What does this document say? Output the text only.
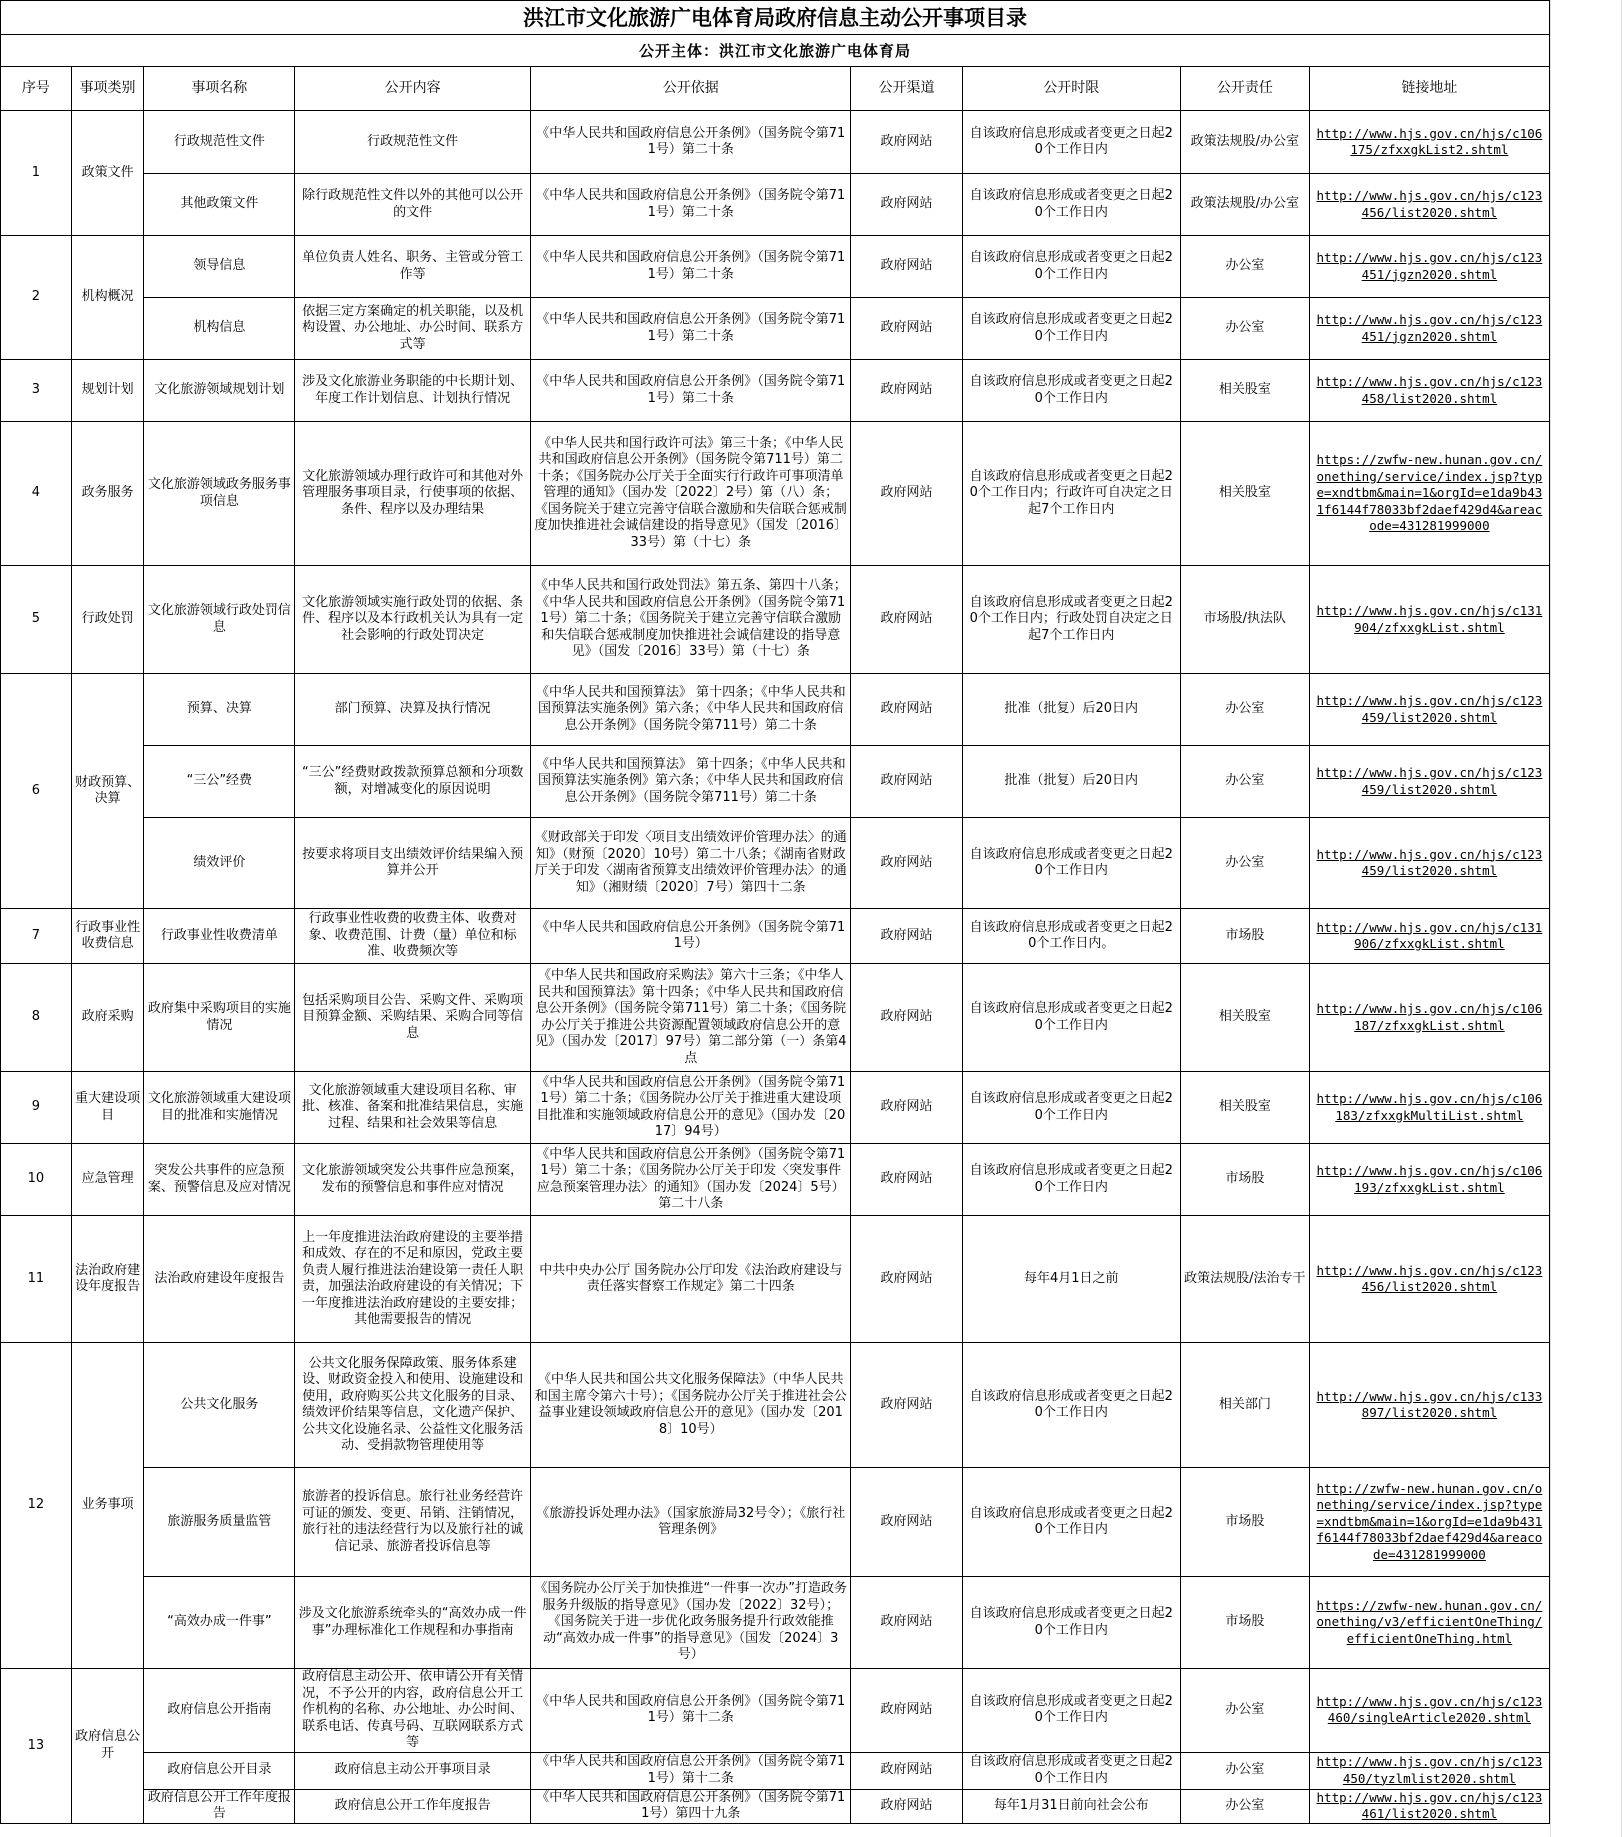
洪江市文化旅游广电体育局政府信息主动公开事项目录
公开主体：洪江市文化旅游广电体育局
序号	事项类别	事项名称	公开内容	公开依据	公开渠道	公开时限	公开责任	链接地址
1	政策文件	行政规范性文件	行政规范性文件	《中华人民共和国政府信息公开条例》（国务院令第711号）第二十条	政府网站	自该政府信息形成或者变更之日起20个工作日内	政策法规股/办公室	http://www.hjs.gov.cn/hjs/c106175/zfxxgkList2.shtml
		其他政策文件	除行政规范性文件以外的其他可以公开的文件	《中华人民共和国政府信息公开条例》（国务院令第711号）第二十条	政府网站	自该政府信息形成或者变更之日起20个工作日内	政策法规股/办公室	http://www.hjs.gov.cn/hjs/c123456/list2020.shtml
2	机构概况	领导信息	单位负责人姓名、职务、主管或分管工作等	《中华人民共和国政府信息公开条例》（国务院令第711号）第二十条	政府网站	自该政府信息形成或者变更之日起20个工作日内	办公室	http://www.hjs.gov.cn/hjs/c123451/jgzn2020.shtml
		机构信息	依据三定方案确定的机关职能，以及机构设置、办公地址、办公时间、联系方式等	《中华人民共和国政府信息公开条例》（国务院令第711号）第二十条	政府网站	自该政府信息形成或者变更之日起20个工作日内	办公室	http://www.hjs.gov.cn/hjs/c123451/jgzn2020.shtml
3	规划计划	文化旅游领域规划计划	涉及文化旅游业务职能的中长期计划、年度工作计划信息、计划执行情况	《中华人民共和国政府信息公开条例》（国务院令第711号）第二十条	政府网站	自该政府信息形成或者变更之日起20个工作日内	相关股室	http://www.hjs.gov.cn/hjs/c123458/list2020.shtml
4	政务服务	文化旅游领域政务服务事项信息	文化旅游领域办理行政许可和其他对外管理服务事项目录，行使事项的依据、条件、程序以及办理结果	《中华人民共和国行政许可法》第三十条；《中华人民共和国政府信息公开条例》（国务院令第711号）第二十条；《国务院办公厅关于全面实行行政许可事项清单管理的通知》（国办发〔2022〕2号）第（八）条；《国务院关于建立完善守信联合激励和失信联合惩戒制度加快推进社会诚信建设的指导意见》（国发〔2016〕33号）第（十七）条	政府网站	自该政府信息形成或者变更之日起20个工作日内；行政许可自决定之日起7个工作日内	相关股室	https://zwfw-new.hunan.gov.cn/onething/service/index.jsp?type=xndtbm&main=1&orgId=e1da9b431f6144f78033bf2daef429d4&areacode=431281999000
5	行政处罚	文化旅游领域行政处罚信息	文化旅游领域实施行政处罚的依据、条件、程序以及本行政机关认为具有一定社会影响的行政处罚决定	《中华人民共和国行政处罚法》第五条、第四十八条；《中华人民共和国政府信息公开条例》（国务院令第711号）第二十条；《国务院关于建立完善守信联合激励和失信联合惩戒制度加快推进社会诚信建设的指导意见》（国发〔2016〕33号）第（十七）条	政府网站	自该政府信息形成或者变更之日起20个工作日内；行政处罚自决定之日起7个工作日内	市场股/执法队	http://www.hjs.gov.cn/hjs/c131904/zfxxgkList.shtml
6	财政预算、决算	预算、决算	部门预算、决算及执行情况	《中华人民共和国预算法》 第十四条；《中华人民共和国预算法实施条例》第六条；《中华人民共和国政府信息公开条例》（国务院令第711号）第二十条	政府网站	批准（批复）后20日内	办公室	http://www.hjs.gov.cn/hjs/c123459/list2020.shtml
		“三公”经费	“三公”经费财政拨款预算总额和分项数额，对增减变化的原因说明	《中华人民共和国预算法》 第十四条；《中华人民共和国预算法实施条例》第六条；《中华人民共和国政府信息公开条例》（国务院令第711号）第二十条	政府网站	批准（批复）后20日内	办公室	http://www.hjs.gov.cn/hjs/c123459/list2020.shtml
		绩效评价	按要求将项目支出绩效评价结果编入预算并公开	《财政部关于印发〈项目支出绩效评价管理办法〉的通知》（财预〔2020〕10号）第二十八条；《湖南省财政厅关于印发〈湖南省预算支出绩效评价管理办法〉的通知》（湘财绩〔2020〕7号）第四十二条	政府网站	自该政府信息形成或者变更之日起20个工作日内	办公室	http://www.hjs.gov.cn/hjs/c123459/list2020.shtml
7	行政事业性收费信息	行政事业性收费清单	行政事业性收费的收费主体、收费对象、收费范围、计费（量）单位和标准、收费频次等	《中华人民共和国政府信息公开条例》（国务院令第711号）	政府网站	自该政府信息形成或者变更之日起20个工作日内。	市场股	http://www.hjs.gov.cn/hjs/c131906/zfxxgkList.shtml
8	政府采购	政府集中采购项目的实施情况	包括采购项目公告、采购文件、采购项目预算金额、采购结果、采购合同等信息	《中华人民共和国政府采购法》第六十三条；《中华人民共和国预算法》第十四条；《中华人民共和国政府信息公开条例》（国务院令第711号）第二十条；《国务院办公厅关于推进公共资源配置领域政府信息公开的意见》（国办发〔2017〕97号）第二部分第（一）条第4点	政府网站	自该政府信息形成或者变更之日起20个工作日内	相关股室	http://www.hjs.gov.cn/hjs/c106187/zfxxgkList.shtml
9	重大建设项目	文化旅游领域重大建设项目的批准和实施情况	文化旅游领域重大建设项目名称、审批、核准、备案和批准结果信息，实施过程、结果和社会效果等信息	《中华人民共和国政府信息公开条例》（国务院令第711号）第二十条；《国务院办公厅关于推进重大建设项目批准和实施领域政府信息公开的意见》（国办发〔2017〕94号）	政府网站	自该政府信息形成或者变更之日起20个工作日内	相关股室	http://www.hjs.gov.cn/hjs/c106183/zfxxgkMultiList.shtml
10	应急管理	突发公共事件的应急预案、预警信息及应对情况	文化旅游领域突发公共事件应急预案，发布的预警信息和事件应对情况	《中华人民共和国政府信息公开条例》（国务院令第711号）第二十条；《国务院办公厅关于印发〈突发事件应急预案管理办法〉的通知》（国办发〔2024〕5号）第二十八条	政府网站	自该政府信息形成或者变更之日起20个工作日内	市场股	http://www.hjs.gov.cn/hjs/c106193/zfxxgkList.shtml
11	法治政府建设年度报告	法治政府建设年度报告	上一年度推进法治政府建设的主要举措和成效、存在的不足和原因，党政主要负责人履行推进法治建设第一责任人职责，加强法治政府建设的有关情况；下一年度推进法治政府建设的主要安排；其他需要报告的情况	中共中央办公厅 国务院办公厅印发《法治政府建设与责任落实督察工作规定》第二十四条	政府网站	每年4月1日之前	政策法规股/法治专干	http://www.hjs.gov.cn/hjs/c123456/list2020.shtml
12	业务事项	公共文化服务	公共文化服务保障政策、服务体系建设、财政资金投入和使用、设施建设和使用，政府购买公共文化服务的目录、绩效评价结果等信息，文化遗产保护、公共文化设施名录、公益性文化服务活动、受捐款物管理使用等	《中华人民共和国公共文化服务保障法》（中华人民共和国主席令第六十号）；《国务院办公厅关于推进社会公益事业建设领域政府信息公开的意见》（国办发〔2018〕10号）	政府网站	自该政府信息形成或者变更之日起20个工作日内	相关部门	http://www.hjs.gov.cn/hjs/c133897/list2020.shtml
		旅游服务质量监管	旅游者的投诉信息。旅行社业务经营许可证的颁发、变更、吊销、注销情况，旅行社的违法经营行为以及旅行社的诚信记录、旅游者投诉信息等	《旅游投诉处理办法》（国家旅游局32号令）；《旅行社管理条例》	政府网站	自该政府信息形成或者变更之日起20个工作日内	市场股	http://zwfw-new.hunan.gov.cn/onething/service/index.jsp?type=xndtbm&main=1&orgId=e1da9b431f6144f78033bf2daef429d4&areacode=431281999000
		“高效办成一件事”	涉及文化旅游系统牵头的“高效办成一件事”办理标准化工作规程和办事指南	《国务院办公厅关于加快推进“一件事一次办”打造政务服务升级版的指导意见》（国办发〔2022〕32号）；《国务院关于进一步优化政务服务提升行政效能推动“高效办成一件事”的指导意见》（国发〔2024〕3号）	政府网站	自该政府信息形成或者变更之日起20个工作日内	市场股	https://zwfw-new.hunan.gov.cn/onething/v3/efficientOneThing/efficientOneThing.html
13	政府信息公开	政府信息公开指南	政府信息主动公开、依申请公开有关情况，不予公开的内容，政府信息公开工作机构的名称、办公地址、办公时间、联系电话、传真号码、互联网联系方式等	《中华人民共和国政府信息公开条例》（国务院令第711号）第十二条	政府网站	自该政府信息形成或者变更之日起20个工作日内	办公室	http://www.hjs.gov.cn/hjs/c123460/singleArticle2020.shtml
		政府信息公开目录	政府信息主动公开事项目录	《中华人民共和国政府信息公开条例》（国务院令第711号）第十二条	政府网站	自该政府信息形成或者变更之日起20个工作日内	办公室	http://www.hjs.gov.cn/hjs/c123450/tyzlmlist2020.shtml
		政府信息公开工作年度报告	政府信息公开工作年度报告	《中华人民共和国政府信息公开条例》（国务院令第711号）第四十九条	政府网站	每年1月31日前向社会公布	办公室	http://www.hjs.gov.cn/hjs/c123461/list2020.shtml
